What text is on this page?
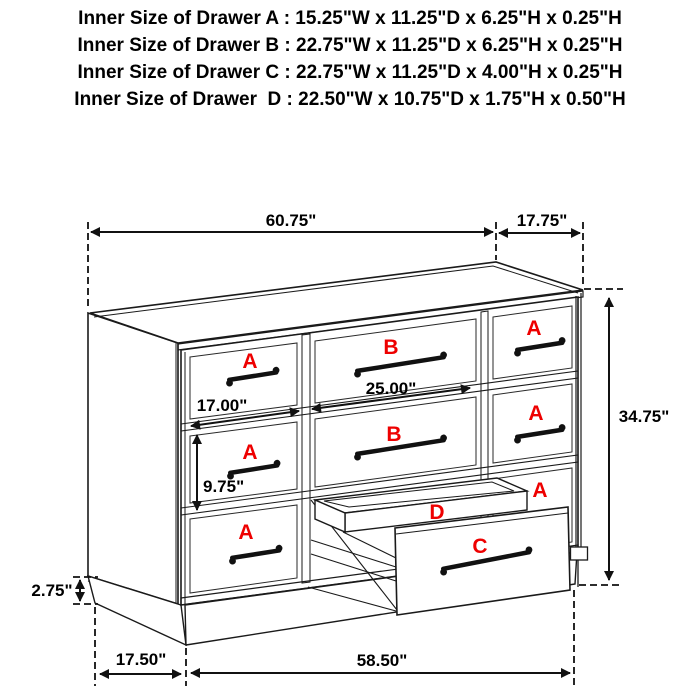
Inner Size of Drawer A : 15.25"W x 11.25"D x 6.25"H x 0.25"H
Inner Size of Drawer B : 22.75"W x 11.25"D x 6.25"H x 0.25"H
Inner Size of Drawer C : 22.75"W x 11.25"D x 4.00"H x 0.25"H
Inner Size of Drawer  D : 22.50"W x 10.75"D x 1.75"H x 0.50"H
A
A
A
B
B
A
A
A
D
C
60.75"	17.75"
34.75"
17.00"
25.00"
9.75"
2.75"
17.50"	58.50"
